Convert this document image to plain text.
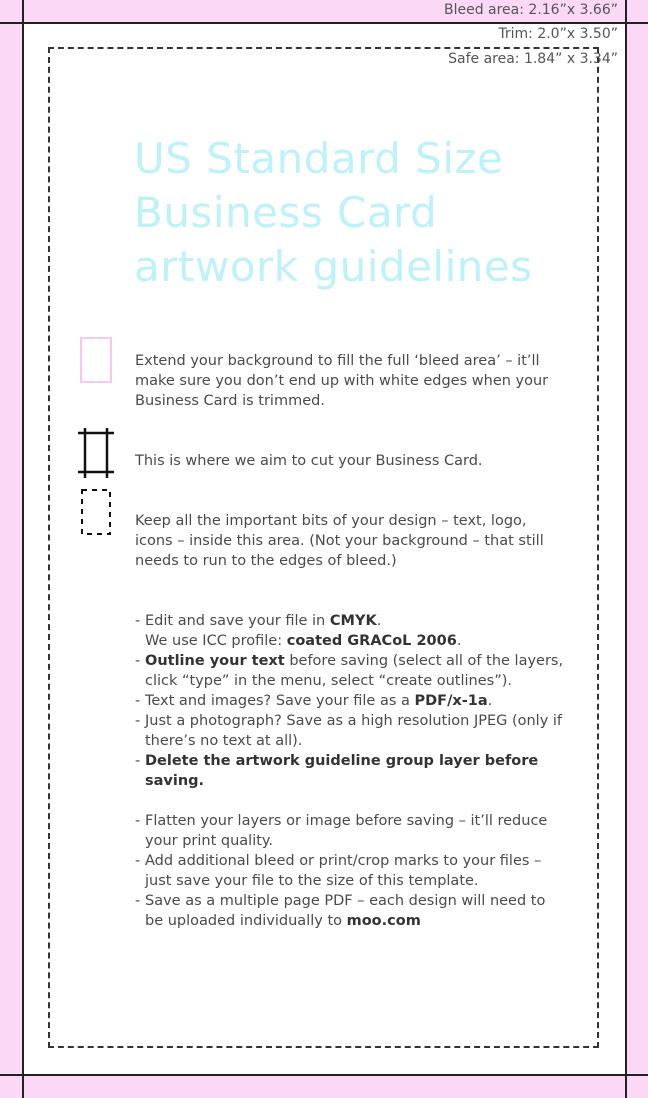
Bleed area: 2.16”x 3.66”
Trim: 2.0”x 3.50”
Safe area: 1.84” x 3.34”
US Standard Size
Business Card
artwork guidelines
Extend your background to fill the full ‘bleed area’ – it’ll make sure you don’t end up with white edges when your Business Card is trimmed.
This is where we aim to cut your Business Card.
Keep all the important bits of your design – text, logo, icons – inside this area. (Not your background – that still needs to run to the edges of bleed.)
- Edit and save your file in CMYK.
We use ICC profile: coated GRACoL 2006.
- Outline your text before saving (select all of the layers, click “type” in the menu, select “create outlines”).
- Text and images? Save your file as a PDF/x-1a.
- Just a photograph? Save as a high resolution JPEG (only if there’s no text at all).
- Delete the artwork guideline group layer before saving.
- Flatten your layers or image before saving – it’ll reduce your print quality.
- Add additional bleed or print/crop marks to your files – just save your file to the size of this template.
- Save as a multiple page PDF – each design will need to be uploaded individually to moo.com
